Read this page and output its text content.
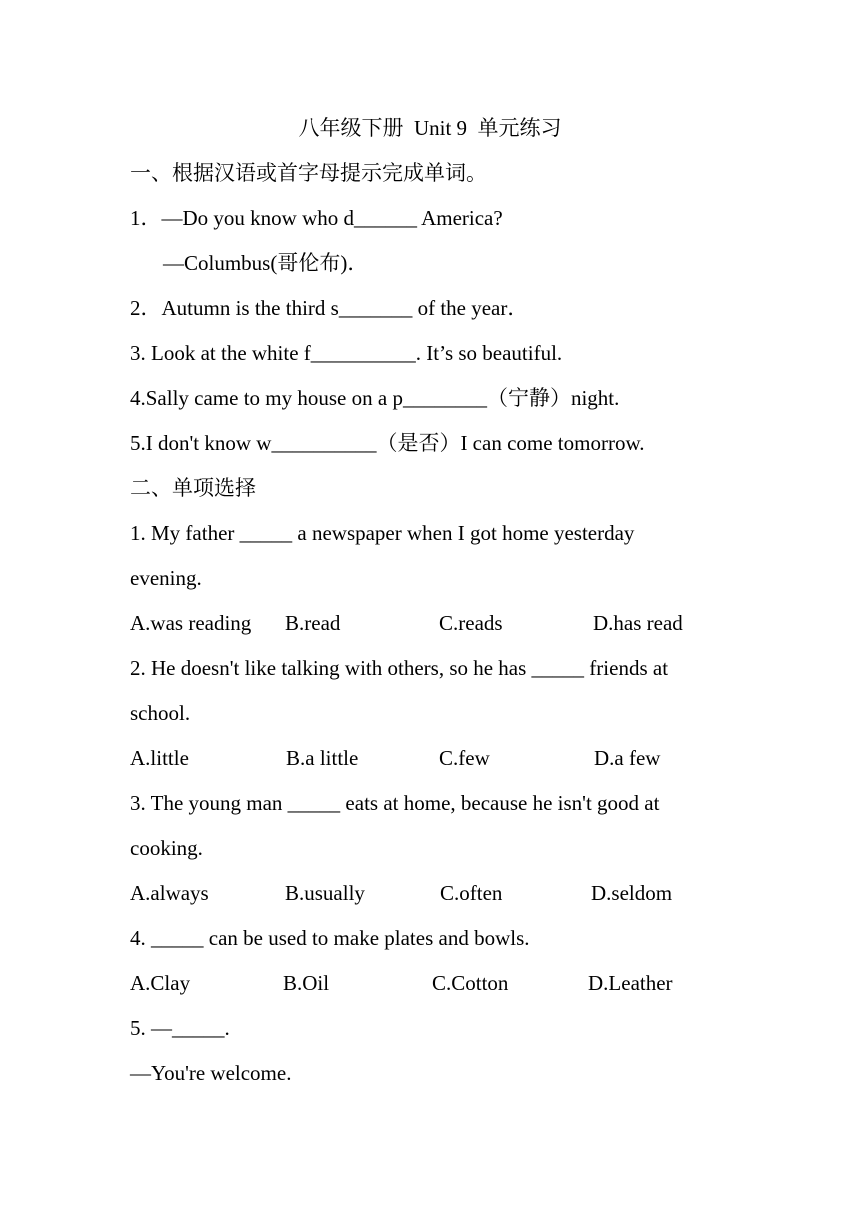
八年级下册  Unit 9  单元练习
一、根据汉语或首字母提示完成单词。
1．—Do you know who d______ America?
—Columbus(哥伦布)．
2．Autumn is the third s_______ of the year．
3. Look at the white f__________. It’s so beautiful.
4.Sally came to my house on a p________（宁静）night.
5.I don't know w__________（是否）I can come tomorrow.
二、单项选择
1. My father _____ a newspaper when I got home yesterday
evening.
A.was reading B.read	C.reads	D.has read
2. He doesn't like talking with others, so he has _____ friends at
school.
A.little	B.a little	C.few	D.a few
3. The young man _____ eats at home, because he isn't good at
cooking.
A.always	B.usually	C.often	D.seldom
4. _____ can be used to make plates and bowls.
A.Clay	B.Oil	C.Cotton	D.Leather
5. —_____.
—You're welcome.
